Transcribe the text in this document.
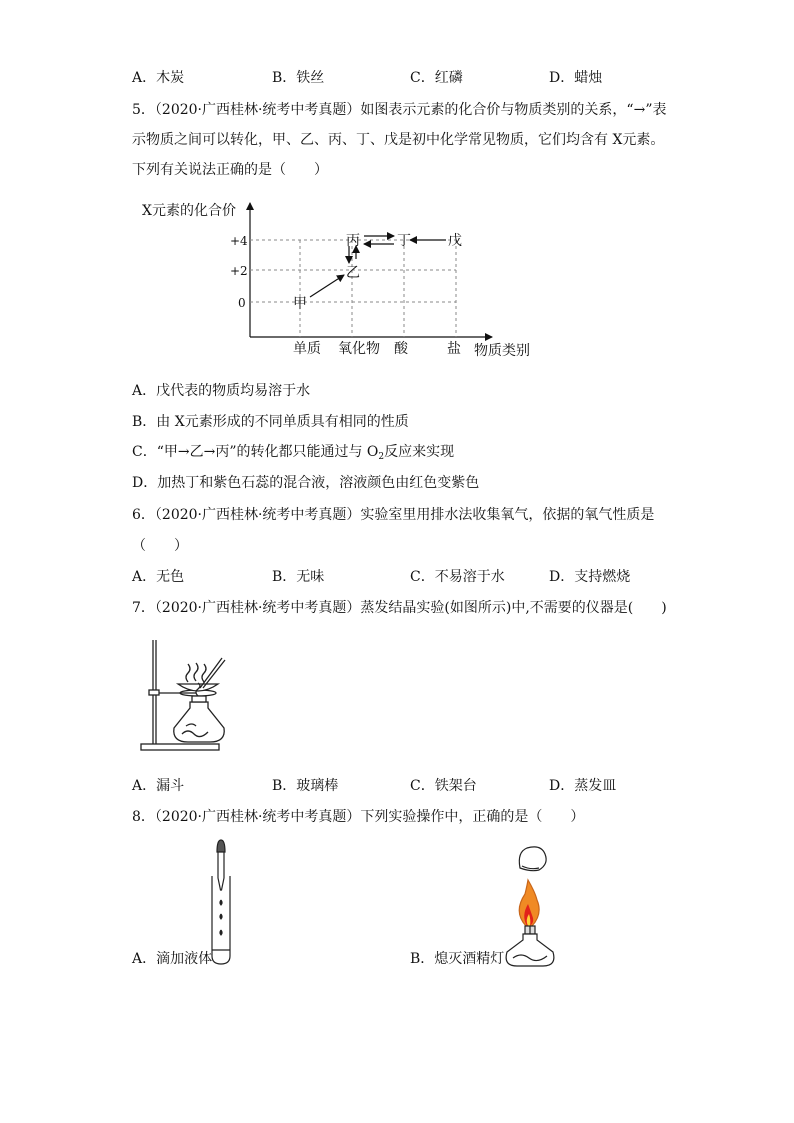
A．木炭	B．铁丝	C．红磷	D．蜡烛
5．（2020·广西桂林·统考中考真题）如图表示元素的化合价与物质类别的关系，“→”表
示物质之间可以转化，甲、乙、丙、丁、戊是初中化学常见物质，它们均含有 X元素。
下列有关说法正确的是（　　）
X元素的化合价
物质类别
+4
+2
0
单质 氧化物 酸	盐
甲
乙
丙	丁	戊
A．戊代表的物质均易溶于水
B．由 X元素形成的不同单质具有相同的性质
C．“甲→乙→丙”的转化都只能通过与 $O_2$反应来实现
D．加热丁和紫色石蕊的混合液，溶液颜色由红色变紫色
6．（2020·广西桂林·统考中考真题）实验室里用排水法收集氧气，依据的氧气性质是
（　　）
A．无色	B．无味	C．不易溶于水	D．支持燃烧
7．（2020·广西桂林·统考中考真题）蒸发结晶实验(如图所示)中,不需要的仪器是(　　)
A．漏斗	B．玻璃棒	C．铁架台	D．蒸发皿
8．（2020·广西桂林·统考中考真题）下列实验操作中，正确的是（　　）
A．滴加液体	B．熄灭酒精灯
